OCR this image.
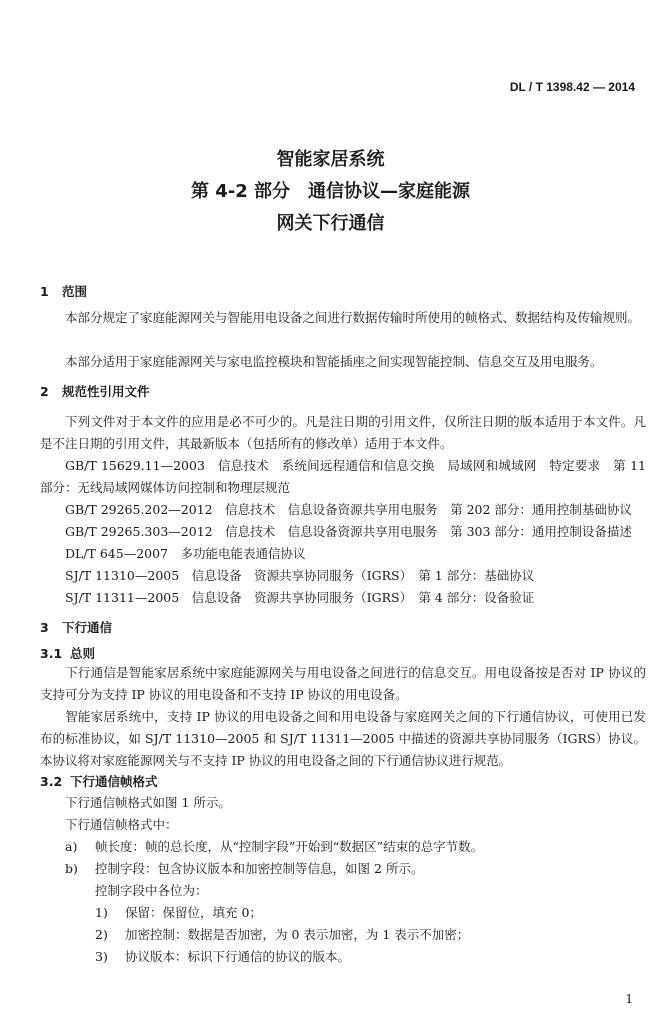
DL / T 1398.42 — 2014
智能家居系统
第 4-2 部分　通信协议—家庭能源
网关下行通信
1 范围
本部分规定了家庭能源网关与智能用电设备之间进行数据传输时所使用的帧格式、数据结构及传输规则。
本部分适用于家庭能源网关与家电监控模块和智能插座之间实现智能控制、信息交互及用电服务。
2 规范性引用文件
下列文件对于本文件的应用是必不可少的。凡是注日期的引用文件，仅所注日期的版本适用于本文件。凡是不注日期的引用文件，其最新版本（包括所有的修改单）适用于本文件。
GB/T 15629.11—2003　信息技术　系统间远程通信和信息交换　局域网和城域网　特定要求　第 11 部分：无线局域网媒体访问控制和物理层规范
GB/T 29265.202—2012　信息技术　信息设备资源共享用电服务　第 202 部分：通用控制基础协议
GB/T 29265.303—2012　信息技术　信息设备资源共享用电服务　第 303 部分：通用控制设备描述
DL/T 645—2007　多功能电能表通信协议
SJ/T 11310—2005　信息设备　资源共享协同服务（IGRS）　第 1 部分：基础协议
SJ/T 11311—2005　信息设备　资源共享协同服务（IGRS）　第 4 部分：设备验证
3 下行通信
3.1 总则
下行通信是智能家居系统中家庭能源网关与用电设备之间进行的信息交互。用电设备按是否对 IP 协议的支持可分为支持 IP 协议的用电设备和不支持 IP 协议的用电设备。
智能家居系统中，支持 IP 协议的用电设备之间和用电设备与家庭网关之间的下行通信协议，可使用已发布的标准协议，如 SJ/T 11310—2005 和 SJ/T 11311—2005 中描述的资源共享协同服务（IGRS）协议。本协议将对家庭能源网关与不支持 IP 协议的用电设备之间的下行通信协议进行规范。
3.2 下行通信帧格式
下行通信帧格式如图 1 所示。
下行通信帧格式中：
a) 帧长度：帧的总长度，从“控制字段”开始到“数据区”结束的总字节数。
b) 控制字段：包含协议版本和加密控制等信息，如图 2 所示。
控制字段中各位为：
1) 保留：保留位，填充 0；
2) 加密控制：数据是否加密，为 0 表示加密，为 1 表示不加密；
3) 协议版本：标识下行通信的协议的版本。
1
